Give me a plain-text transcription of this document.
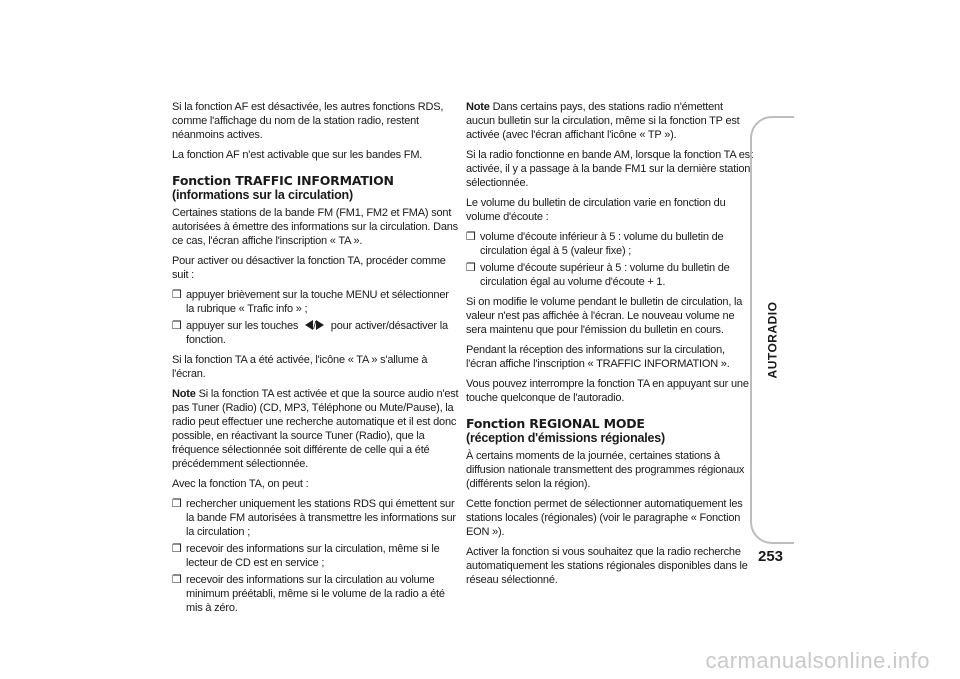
Si la fonction AF est désactivée, les autres fonctions RDS, comme l'affichage du nom de la station radio, restent néanmoins actives.

La fonction AF n'est activable que sur les bandes FM.

Fonction TRAFFIC INFORMATION
(informations sur la circulation)

Certaines stations de la bande FM (FM1, FM2 et FMA) sont autorisées à émettre des informations sur la circulation. Dans ce cas, l'écran affiche l'inscription « TA ».

Pour activer ou désactiver la fonction TA, procéder comme suit :

❒ appuyer brièvement sur la touche MENU et sélectionner la rubrique « Trafic info » ;
❒ appuyer sur les touches / pour activer/désactiver la fonction.

Si la fonction TA a été activée, l'icône « TA » s'allume à l'écran.

Note Si la fonction TA est activée et que la source audio n'est pas Tuner (Radio) (CD, MP3, Téléphone ou Mute/Pause), la radio peut effectuer une recherche automatique et il est donc possible, en réactivant la source Tuner (Radio), que la fréquence sélectionnée soit différente de celle qui a été précédemment sélectionnée.

Avec la fonction TA, on peut :

❒ rechercher uniquement les stations RDS qui émettent sur la bande FM autorisées à transmettre les informations sur la circulation ;
❒ recevoir des informations sur la circulation, même si le lecteur de CD est en service ;
❒ recevoir des informations sur la circulation au volume minimum préétabli, même si le volume de la radio a été mis à zéro.

Note Dans certains pays, des stations radio n'émettent aucun bulletin sur la circulation, même si la fonction TP est activée (avec l'écran affichant l'icône « TP »).

Si la radio fonctionne en bande AM, lorsque la fonction TA est activée, il y a passage à la bande FM1 sur la dernière station sélectionnée.

Le volume du bulletin de circulation varie en fonction du volume d'écoute :

❒ volume d'écoute inférieur à 5 : volume du bulletin de circulation égal à 5 (valeur fixe) ;
❒ volume d'écoute supérieur à 5 : volume du bulletin de circulation égal au volume d'écoute + 1.

Si on modifie le volume pendant le bulletin de circulation, la valeur n'est pas affichée à l'écran. Le nouveau volume ne sera maintenu que pour l'émission du bulletin en cours.

Pendant la réception des informations sur la circulation, l'écran affiche l'inscription « TRAFFIC INFORMATION ».

Vous pouvez interrompre la fonction TA en appuyant sur une touche quelconque de l'autoradio.

Fonction REGIONAL MODE
(réception d'émissions régionales)

À certains moments de la journée, certaines stations à diffusion nationale transmettent des programmes régionaux (différents selon la région).

Cette fonction permet de sélectionner automatiquement les stations locales (régionales) (voir le paragraphe « Fonction EON »).

Activer la fonction si vous souhaitez que la radio recherche automatiquement les stations régionales disponibles dans le réseau sélectionné.

AUTORADIO
253
carmanualsonline.info
